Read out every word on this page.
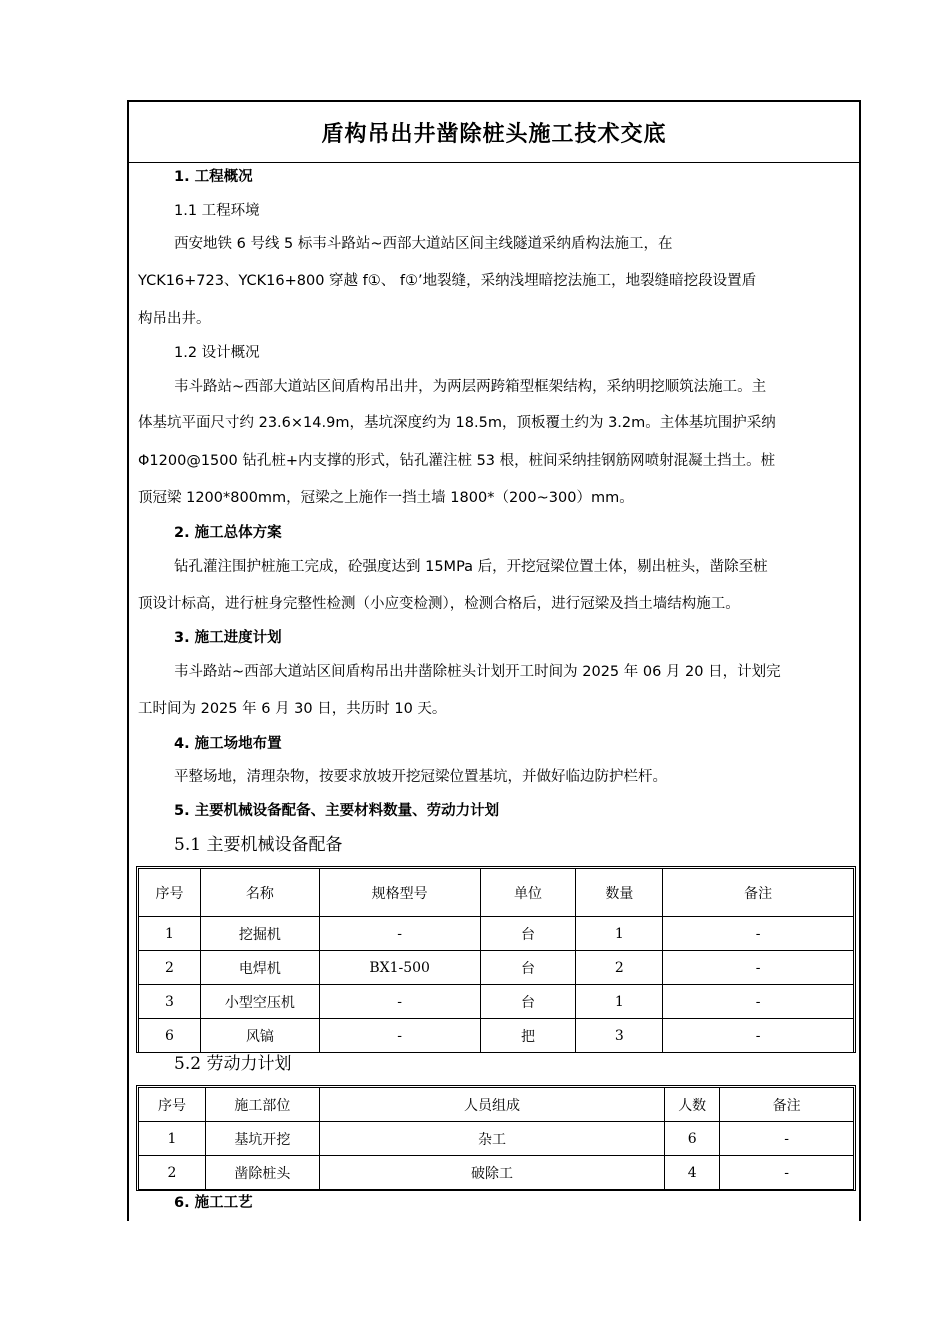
盾构吊出井凿除桩头施工技术交底
1. 工程概况
1.1 工程环境
西安地铁 6 号线 5 标韦斗路站~西部大道站区间主线隧道采纳盾构法施工，在
YCK16+723、YCK16+800 穿越 f①、 f①’地裂缝，采纳浅埋暗挖法施工，地裂缝暗挖段设置盾
构吊出井。
1.2 设计概况
韦斗路站~西部大道站区间盾构吊出井，为两层两跨箱型框架结构，采纳明挖顺筑法施工。主
体基坑平面尺寸约 23.6×14.9m，基坑深度约为 18.5m，顶板覆土约为 3.2m。主体基坑围护采纳
Φ1200@1500 钻孔桩+内支撑的形式，钻孔灌注桩 53 根，桩间采纳挂钢筋网喷射混凝土挡土。桩
顶冠梁 1200*800mm，冠梁之上施作一挡土墙 1800*（200~300）mm。
2. 施工总体方案
钻孔灌注围护桩施工完成，砼强度达到 15MPa 后，开挖冠梁位置土体，剔出桩头，凿除至桩
顶设计标高，进行桩身完整性检测（小应变检测），检测合格后，进行冠梁及挡土墙结构施工。
3. 施工进度计划
韦斗路站~西部大道站区间盾构吊出井凿除桩头计划开工时间为 2025 年 06 月 20 日，计划完
工时间为 2025 年 6 月 30 日，共历时 10 天。
4. 施工场地布置
平整场地，清理杂物，按要求放坡开挖冠梁位置基坑，并做好临边防护栏杆。
5. 主要机械设备配备、主要材料数量、劳动力计划
5.1 主要机械设备配备
序号	名称	规格型号	单位	数量	备注
1	挖掘机	-	台	1	-
2	电焊机	BX1-500	台	2	-
3	小型空压机	-	台	1	-
6	风镐	-	把	3	-
5.2 劳动力计划
序号	施工部位	人员组成	人数	备注
1	基坑开挖	杂工	6	-
2	凿除桩头	破除工	4	-
6. 施工工艺
